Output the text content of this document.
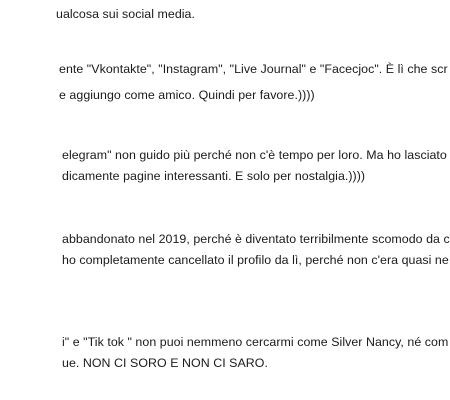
ualcosa sui social media.
ente "Vkontakte", "Instagram", "Live Journal" e "Facecjoc". È lì che scr
e aggiungo come amico. Quindi per favore.))))
elegram" non guido più perché non c'è tempo per loro. Ma ho lasciato
dicamente pagine interessanti. E solo per nostalgia.))))
abbandonato nel 2019, perché è diventato terribilmente scomodo da c
ho completamente cancellato il profilo da lì, perché non c'era quasi ne
i" e "Tik tok " non puoi nemmeno cercarmi come Silver Nancy, né com
ue. NON CI SORO E NON CI SARO.
